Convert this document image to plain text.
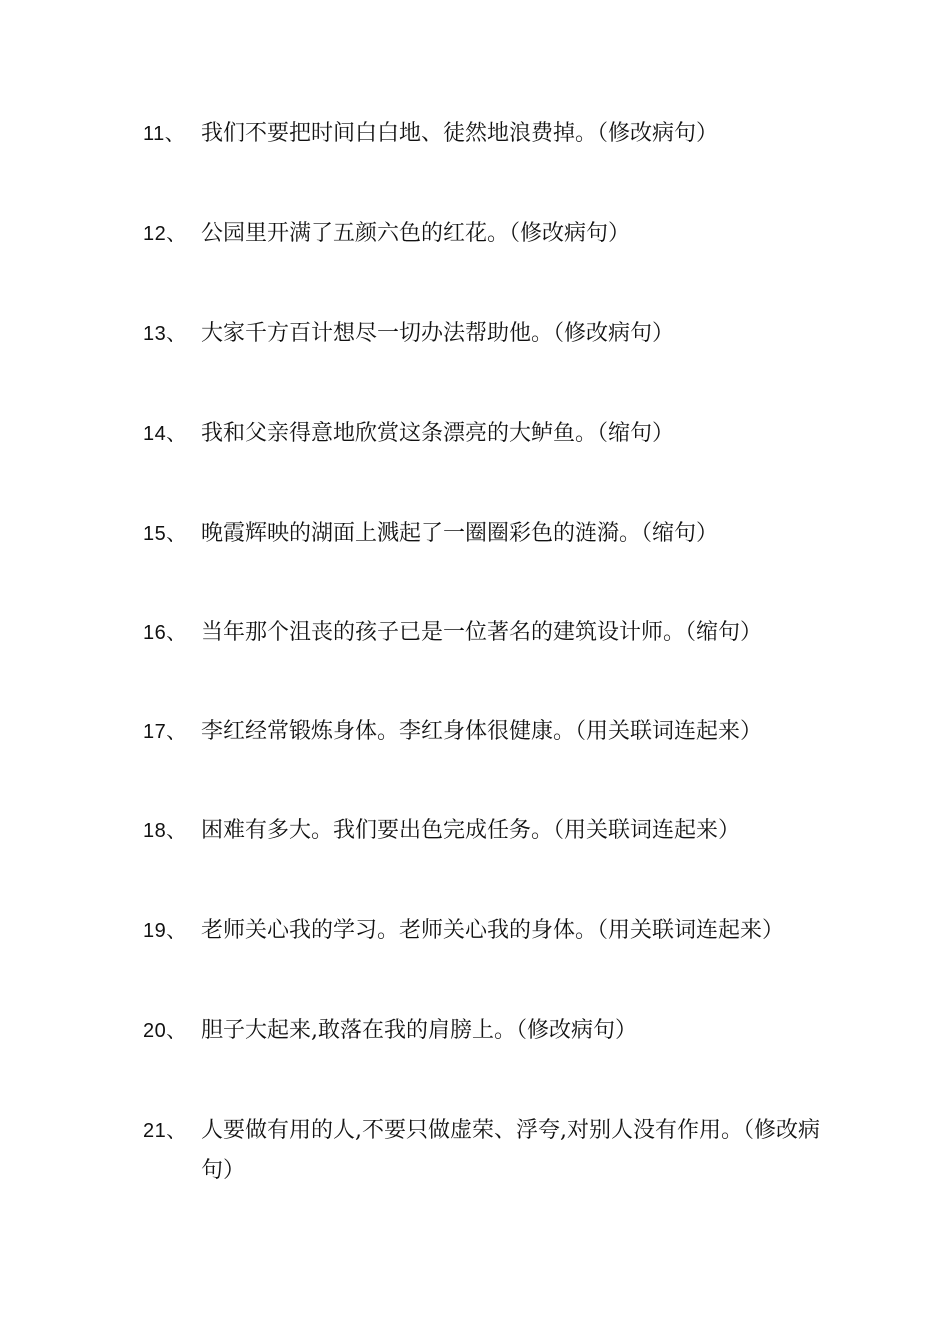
11、 我们不要把时间白白地、徒然地浪费掉。（修改病句）
12、 公园里开满了五颜六色的红花。（修改病句）
13、 大家千方百计想尽一切办法帮助他。（修改病句）
14、 我和父亲得意地欣赏这条漂亮的大鲈鱼。（缩句）
15、 晚霞辉映的湖面上溅起了一圈圈彩色的涟漪。（缩句）
16、 当年那个沮丧的孩子已是一位著名的建筑设计师。（缩句）
17、 李红经常锻炼身体。李红身体很健康。（用关联词连起来）
18、 困难有多大。我们要出色完成任务。（用关联词连起来）
19、 老师关心我的学习。老师关心我的身体。（用关联词连起来）
20、 胆子大起来,敢落在我的肩膀上。（修改病句）
21、 人要做有用的人,不要只做虚荣、浮夸,对别人没有作用。（修改病句）
